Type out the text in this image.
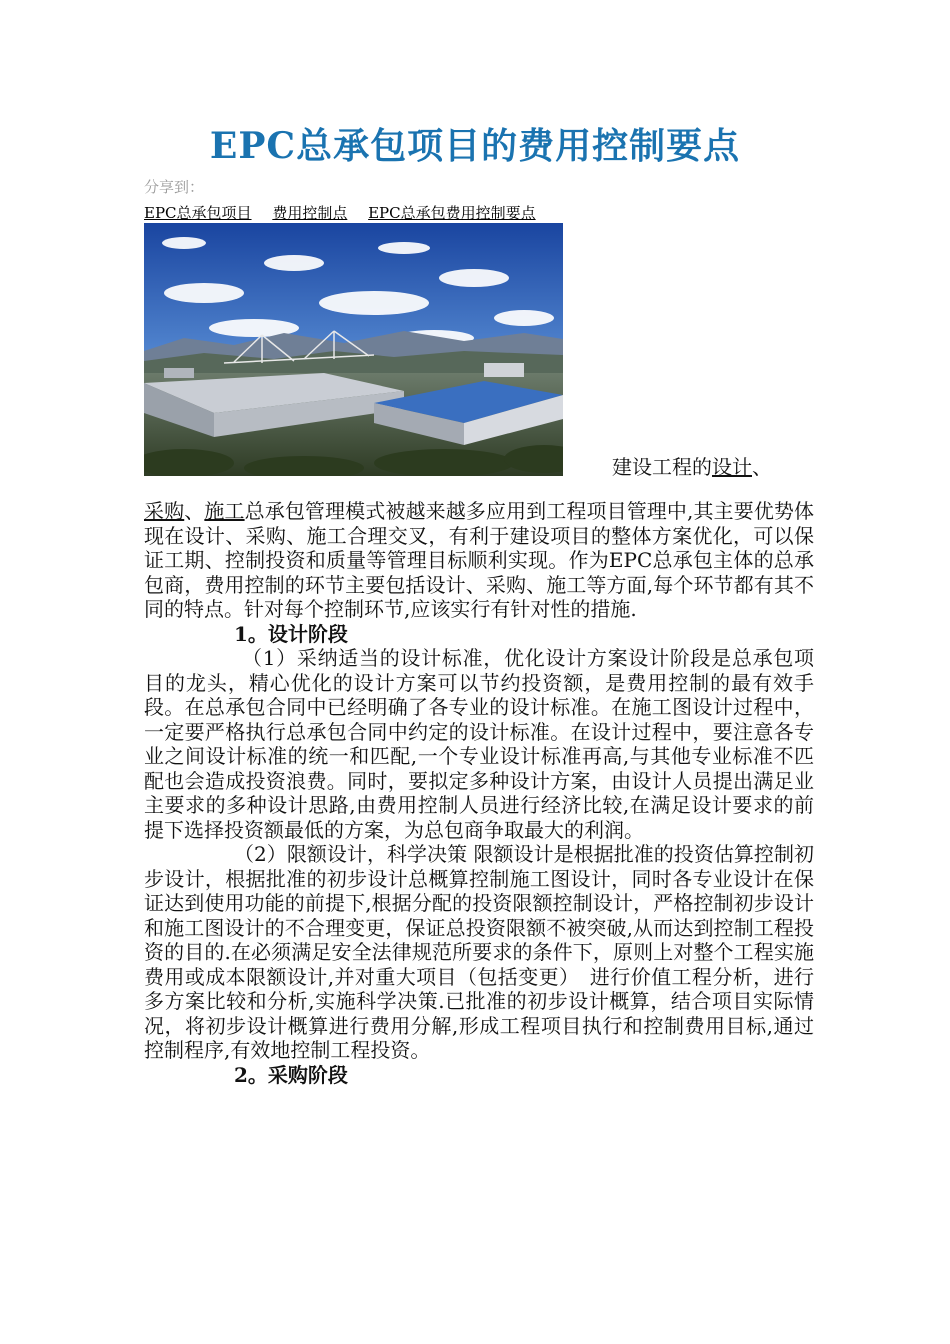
EPC总承包项目的费用控制要点
分享到：
EPC总承包项目 费用控制点 EPC总承包费用控制要点
建设工程的设计、

采购、施工总承包管理模式被越来越多应用到工程项目管理中,其主要优势体现在设计、采购、施工合理交叉，有利于建设项目的整体方案优化，可以保证工期、控制投资和质量等管理目标顺利实现。作为EPC总承包主体的总承包商，费用控制的环节主要包括设计、采购、施工等方面,每个环节都有其不同的特点。针对每个控制环节,应该实行有针对性的措施.

1。设计阶段

（1）采纳适当的设计标准，优化设计方案设计阶段是总承包项目的龙头，精心优化的设计方案可以节约投资额，是费用控制的最有效手段。在总承包合同中已经明确了各专业的设计标准。在施工图设计过程中，一定要严格执行总承包合同中约定的设计标准。在设计过程中，要注意各专业之间设计标准的统一和匹配,一个专业设计标准再高,与其他专业标准不匹配也会造成投资浪费。同时，要拟定多种设计方案，由设计人员提出满足业主要求的多种设计思路,由费用控制人员进行经济比较,在满足设计要求的前提下选择投资额最低的方案，为总包商争取最大的利润。

（2）限额设计，科学决策 限额设计是根据批准的投资估算控制初步设计，根据批准的初步设计总概算控制施工图设计，同时各专业设计在保证达到使用功能的前提下,根据分配的投资限额控制设计，严格控制初步设计和施工图设计的不合理变更，保证总投资限额不被突破,从而达到控制工程投资的目的.在必须满足安全法律规范所要求的条件下，原则上对整个工程实施费用或成本限额设计,并对重大项目（包括变更）　进行价值工程分析，进行多方案比较和分析,实施科学决策.已批准的初步设计概算，结合项目实际情况，将初步设计概算进行费用分解,形成工程项目执行和控制费用目标,通过控制程序,有效地控制工程投资。

2。采购阶段
